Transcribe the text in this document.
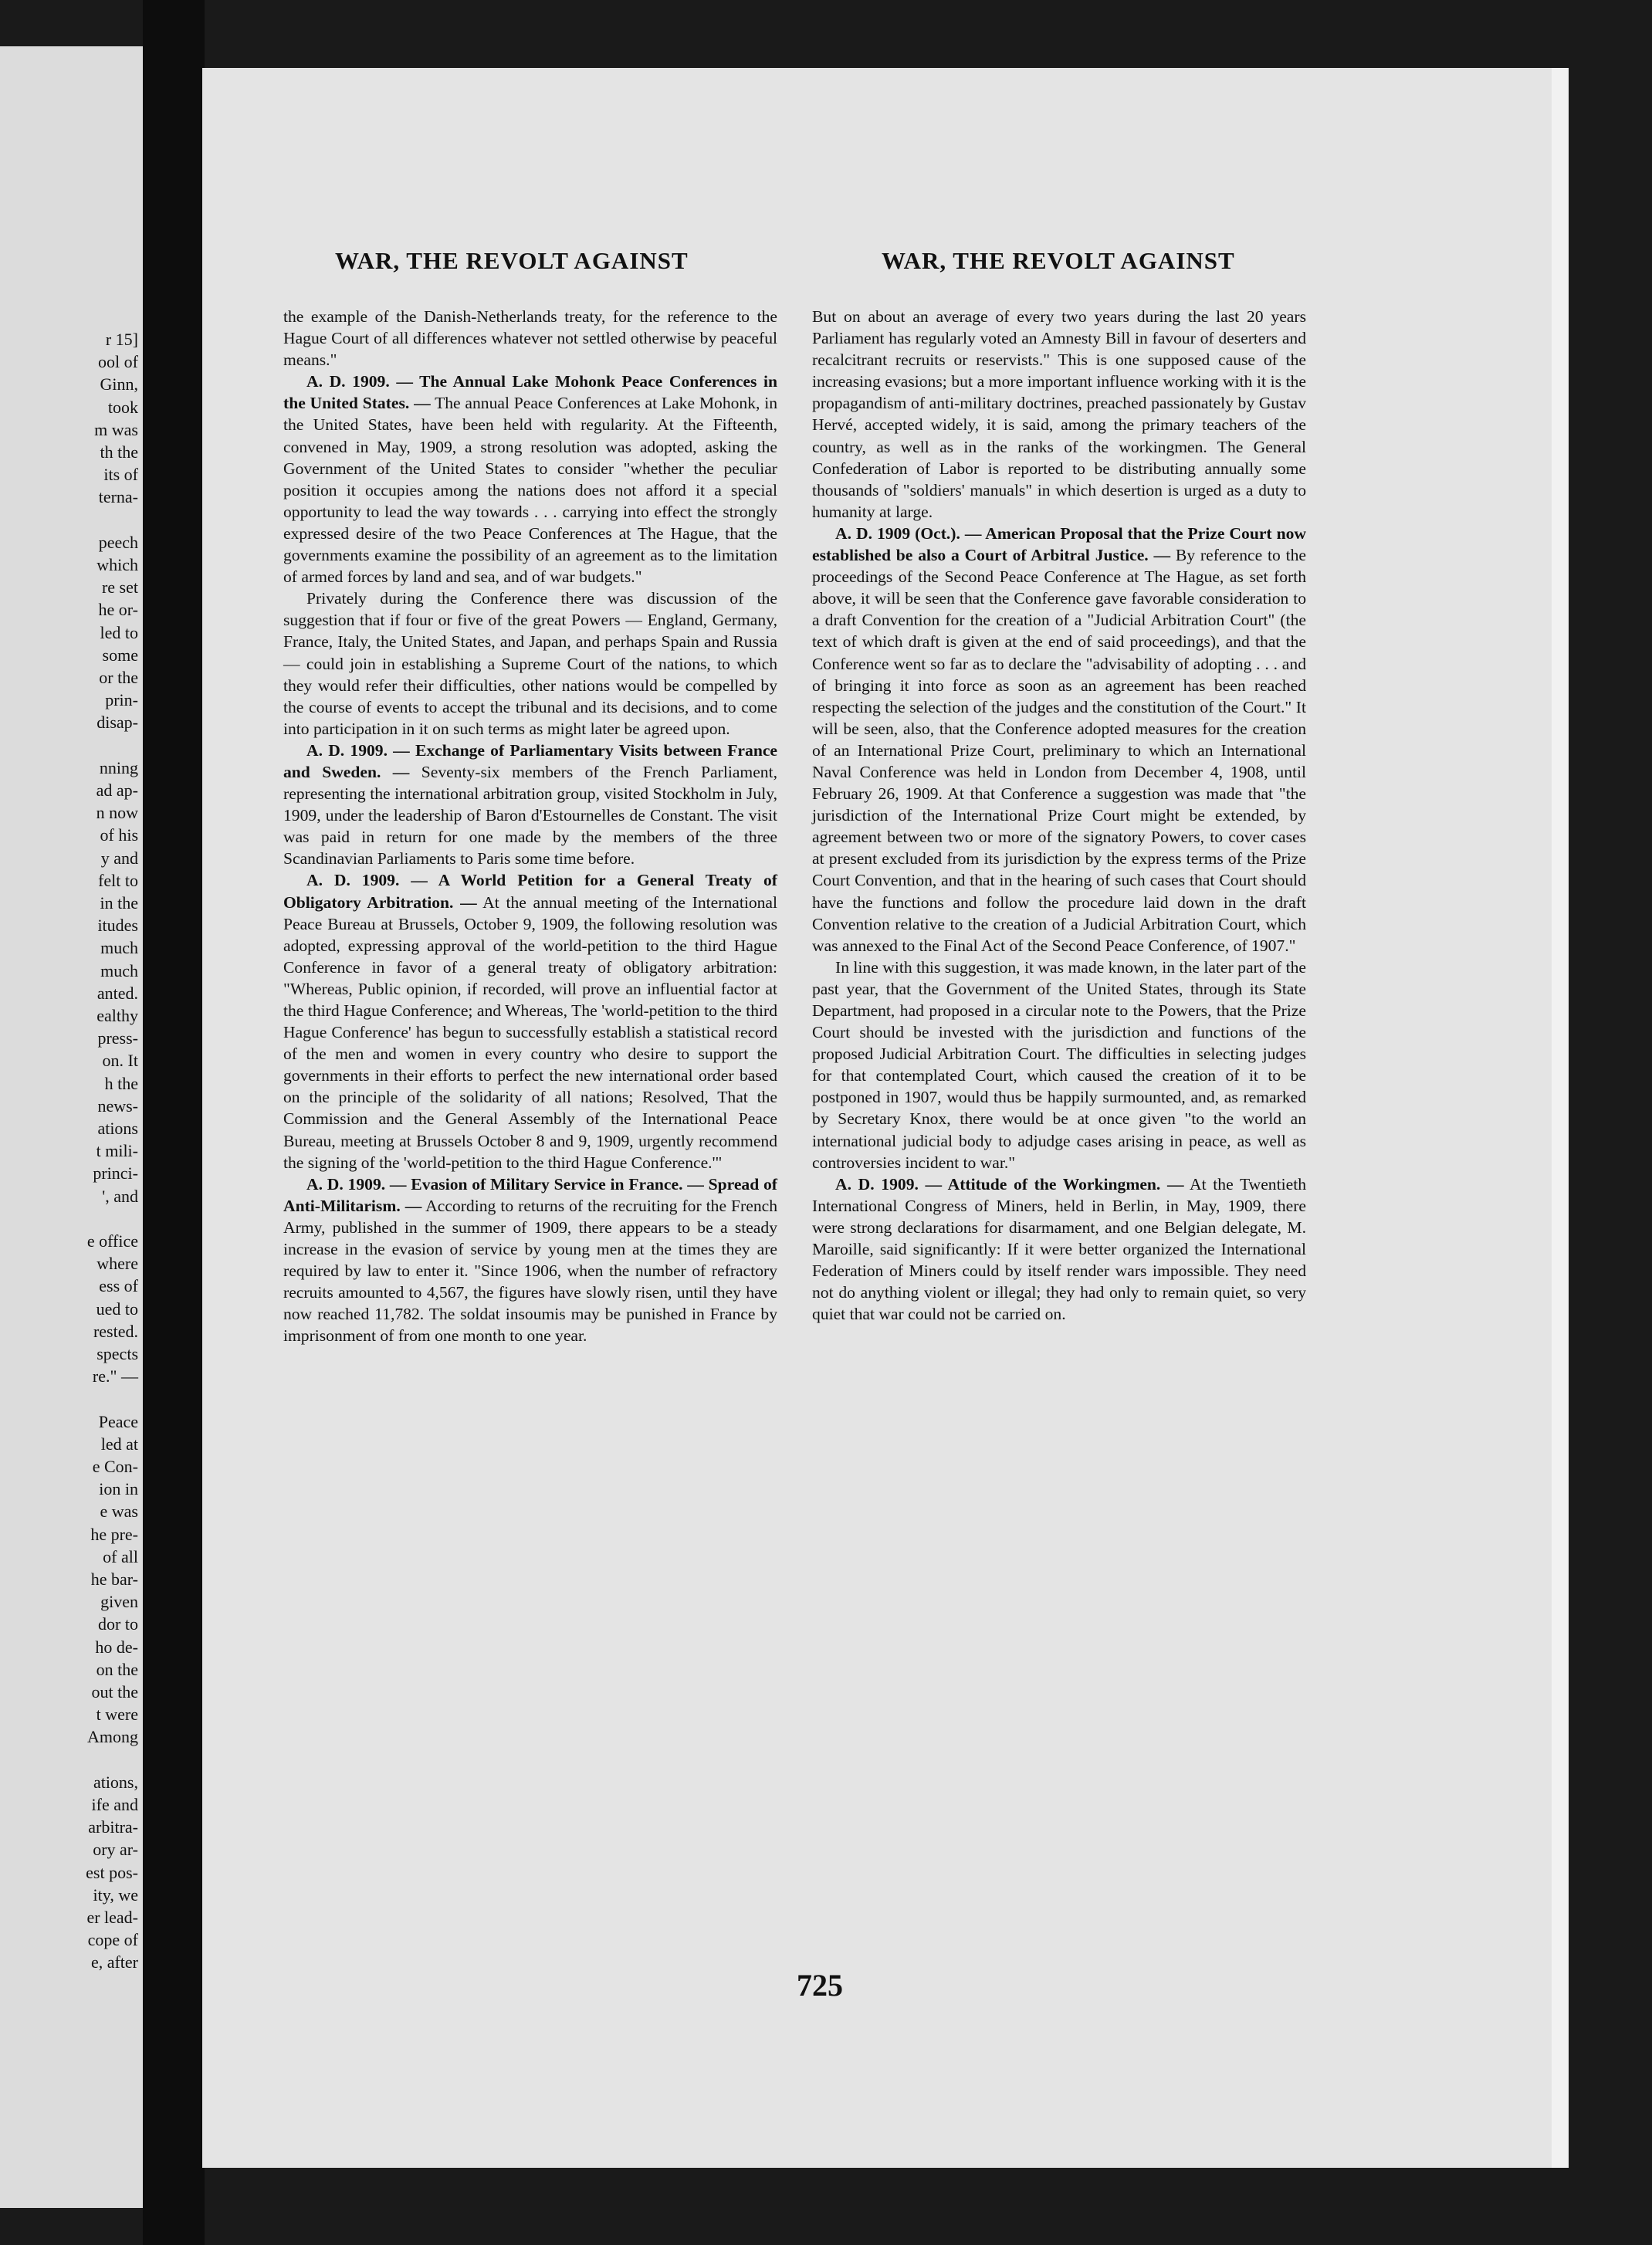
r 15]
ool of
Ginn,
took
m was
th the
its of
terna-
peech
which
re set
he or-
led to
some
or the
prin-
disap-
nning
ad ap-
n now
of his
y and
felt to
in the
itudes
much
much
anted.
ealthy
press-
on. It
h the
news-
ations
t mili-
princi-
', and
e office
where
ess of
ued to
rested.
spects
re." —
Peace
led at
e Con-
ion in
e was
he pre-
of all
he bar-
given
dor to
ho de-
on the
out the
t were
Among
ations,
ife and
arbitra-
ory ar-
est pos-
ity, we
er lead-
cope of
e, after
WAR, THE REVOLT AGAINST	WAR, THE REVOLT AGAINST

the example of the Danish-Netherlands treaty, for the reference to the Hague Court of all differences whatever not settled otherwise by peaceful means."

A. D. 1909. — The Annual Lake Mohonk Peace Conferences in the United States. — The annual Peace Conferences at Lake Mohonk, in the United States, have been held with regularity. At the Fifteenth, convened in May, 1909, a strong resolution was adopted, asking the Government of the United States to consider "whether the peculiar position it occupies among the nations does not afford it a special opportunity to lead the way towards . . . carrying into effect the strongly expressed desire of the two Peace Conferences at The Hague, that the governments examine the possibility of an agreement as to the limitation of armed forces by land and sea, and of war budgets."

Privately during the Conference there was discussion of the suggestion that if four or five of the great Powers — England, Germany, France, Italy, the United States, and Japan, and perhaps Spain and Russia — could join in establishing a Supreme Court of the nations, to which they would refer their difficulties, other nations would be compelled by the course of events to accept the tribunal and its decisions, and to come into participation in it on such terms as might later be agreed upon.

A. D. 1909. — Exchange of Parliamentary Visits between France and Sweden. — Seventy-six members of the French Parliament, representing the international arbitration group, visited Stockholm in July, 1909, under the leadership of Baron d'Estournelles de Constant. The visit was paid in return for one made by the members of the three Scandinavian Parliaments to Paris some time before.

A. D. 1909. — A World Petition for a General Treaty of Obligatory Arbitration. — At the annual meeting of the International Peace Bureau at Brussels, October 9, 1909, the following resolution was adopted, expressing approval of the world-petition to the third Hague Conference in favor of a general treaty of obligatory arbitration: "Whereas, Public opinion, if recorded, will prove an influential factor at the third Hague Conference; and Whereas, The 'world-petition to the third Hague Conference' has begun to successfully establish a statistical record of the men and women in every country who desire to support the governments in their efforts to perfect the new international order based on the principle of the solidarity of all nations; Resolved, That the Commission and the General Assembly of the International Peace Bureau, meeting at Brussels October 8 and 9, 1909, urgently recommend the signing of the 'world-petition to the third Hague Conference.'"

A. D. 1909. — Evasion of Military Service in France. — Spread of Anti-Militarism. — According to returns of the recruiting for the French Army, published in the summer of 1909, there appears to be a steady increase in the evasion of service by young men at the times they are required by law to enter it. "Since 1906, when the number of refractory recruits amounted to 4,567, the figures have slowly risen, until they have now reached 11,782. The soldat insoumis may be punished in France by imprisonment of from one month to one year.

But on about an average of every two years during the last 20 years Parliament has regularly voted an Amnesty Bill in favour of deserters and recalcitrant recruits or reservists." This is one supposed cause of the increasing evasions; but a more important influence working with it is the propagandism of anti-military doctrines, preached passionately by Gustav Hervé, accepted widely, it is said, among the primary teachers of the country, as well as in the ranks of the workingmen. The General Confederation of Labor is reported to be distributing annually some thousands of "soldiers' manuals" in which desertion is urged as a duty to humanity at large.

A. D. 1909 (Oct.). — American Proposal that the Prize Court now established be also a Court of Arbitral Justice. — By reference to the proceedings of the Second Peace Conference at The Hague, as set forth above, it will be seen that the Conference gave favorable consideration to a draft Convention for the creation of a "Judicial Arbitration Court" (the text of which draft is given at the end of said proceedings), and that the Conference went so far as to declare the "advisability of adopting . . . and of bringing it into force as soon as an agreement has been reached respecting the selection of the judges and the constitution of the Court." It will be seen, also, that the Conference adopted measures for the creation of an International Prize Court, preliminary to which an International Naval Conference was held in London from December 4, 1908, until February 26, 1909. At that Conference a suggestion was made that "the jurisdiction of the International Prize Court might be extended, by agreement between two or more of the signatory Powers, to cover cases at present excluded from its jurisdiction by the express terms of the Prize Court Convention, and that in the hearing of such cases that Court should have the functions and follow the procedure laid down in the draft Convention relative to the creation of a Judicial Arbitration Court, which was annexed to the Final Act of the Second Peace Conference, of 1907."

In line with this suggestion, it was made known, in the later part of the past year, that the Government of the United States, through its State Department, had proposed in a circular note to the Powers, that the Prize Court should be invested with the jurisdiction and functions of the proposed Judicial Arbitration Court. The difficulties in selecting judges for that contemplated Court, which caused the creation of it to be postponed in 1907, would thus be happily surmounted, and, as remarked by Secretary Knox, there would be at once given "to the world an international judicial body to adjudge cases arising in peace, as well as controversies incident to war."

A. D. 1909. — Attitude of the Workingmen. — At the Twentieth International Congress of Miners, held in Berlin, in May, 1909, there were strong declarations for disarmament, and one Belgian delegate, M. Maroille, said significantly: If it were better organized the International Federation of Miners could by itself render wars impossible. They need not do anything violent or illegal; they had only to remain quiet, so very quiet that war could not be carried on.

725
